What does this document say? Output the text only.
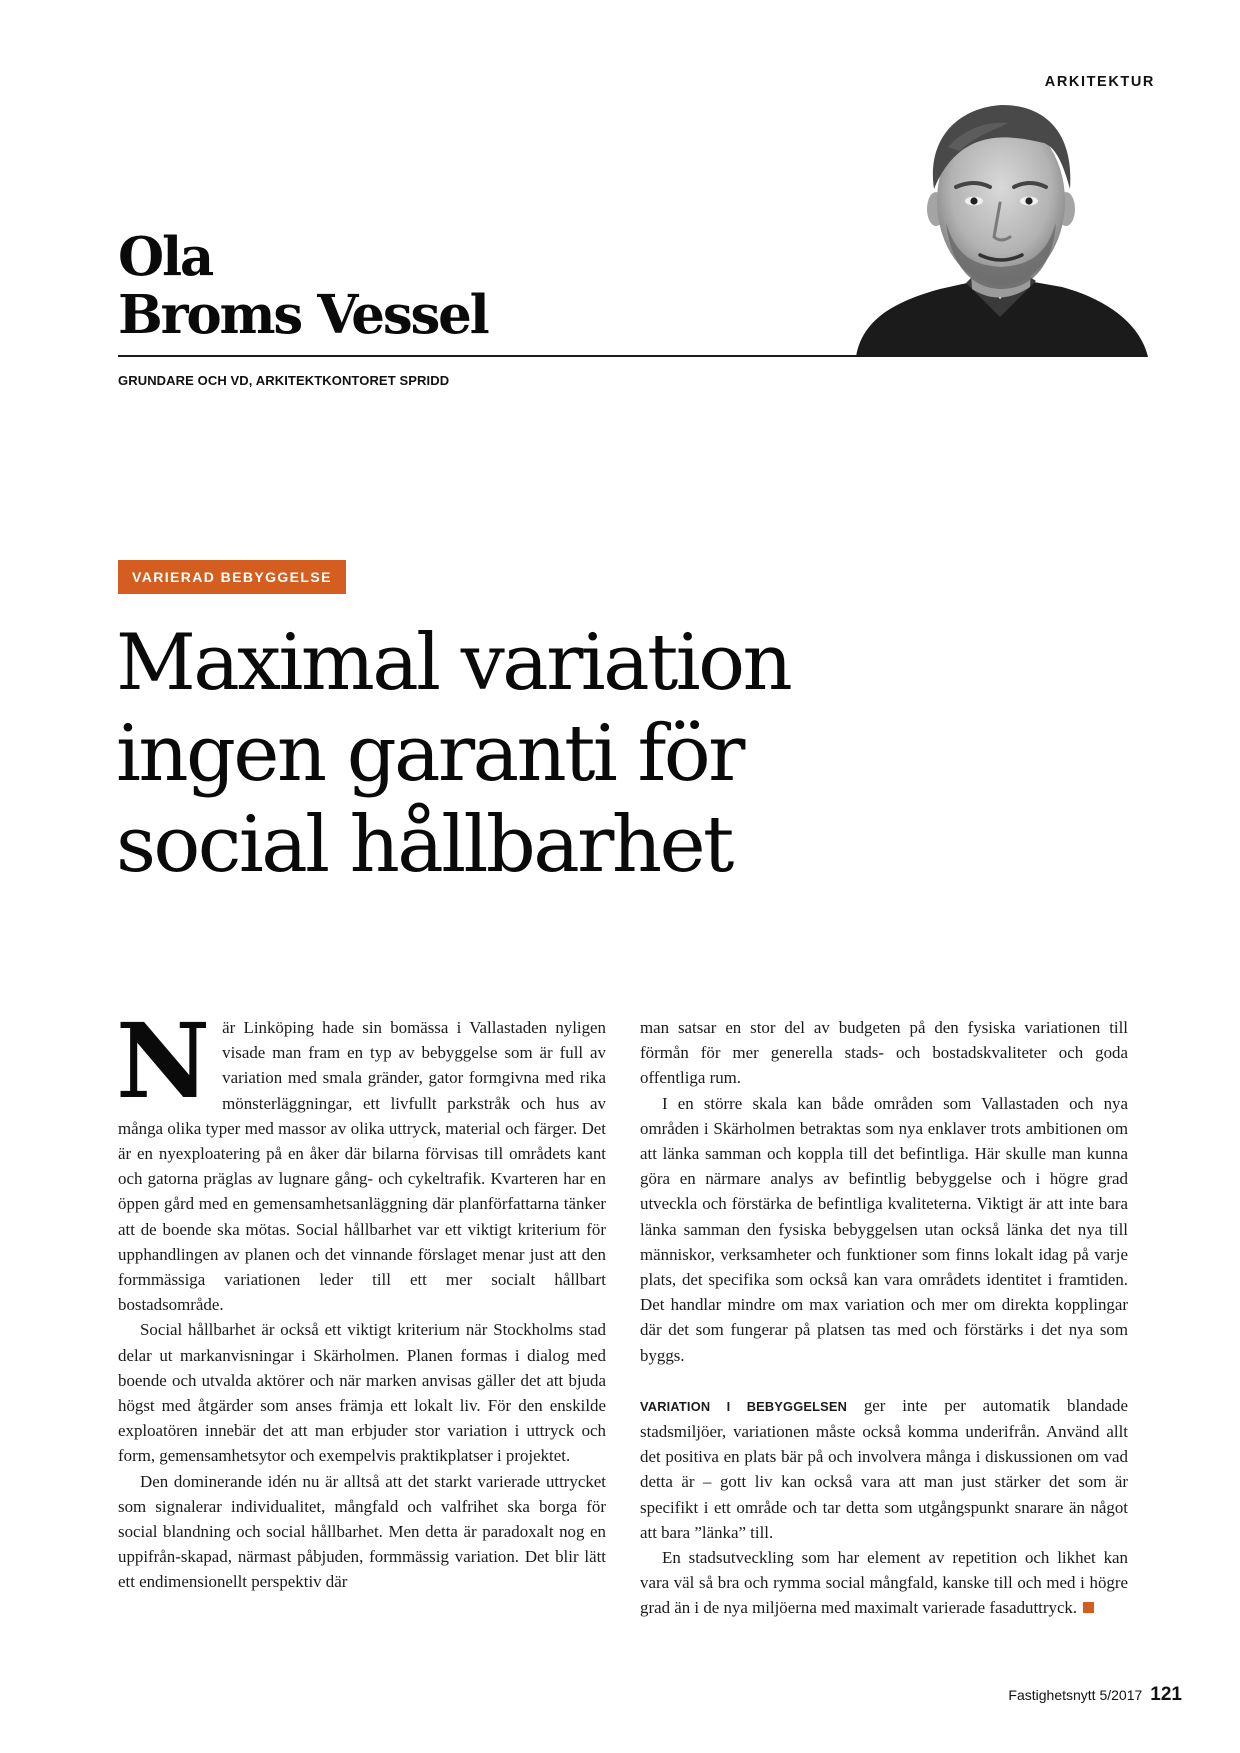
ARKITEKTUR
Ola
Broms Vessel
GRUNDARE OCH VD, ARKITEKTKONTORET SPRIDD
VARIERAD BEBYGGELSE
Maximal variation
ingen garanti för
social hållbarhet

När Linköping hade sin bomässa i Vallastaden nyligen visade man fram en typ av bebyggelse som är full av variation med smala gränder, gator formgivna med rika mönsterläggningar, ett livfullt parkstråk och hus av många olika typer med massor av olika uttryck, material och färger. Det är en nyexploatering på en åker där bilarna förvisas till områdets kant och gatorna präglas av lugnare gång- och cykeltrafik. Kvarteren har en öppen gård med en gemensamhetsanläggning där planförfattarna tänker att de boende ska mötas. Social hållbarhet var ett viktigt kriterium för upphandlingen av planen och det vinnande förslaget menar just att den formmässiga variationen leder till ett mer socialt hållbart bostadsområde.

Social hållbarhet är också ett viktigt kriterium när Stockholms stad delar ut markanvisningar i Skärholmen. Planen formas i dialog med boende och utvalda aktörer och när marken anvisas gäller det att bjuda högst med åtgärder som anses främja ett lokalt liv. För den enskilde exploatören innebär det att man erbjuder stor variation i uttryck och form, gemensamhetsytor och exempelvis praktikplatser i projektet.

Den dominerande idén nu är alltså att det starkt varierade uttrycket som signalerar individualitet, mångfald och valfrihet ska borga för social blandning och social hållbarhet. Men detta är paradoxalt nog en uppifrån-skapad, närmast påbjuden, formmässig variation. Det blir lätt ett endimensionellt perspektiv där

man satsar en stor del av budgeten på den fysiska variationen till förmån för mer generella stads- och bostadskvaliteter och goda offentliga rum.

I en större skala kan både områden som Vallastaden och nya områden i Skärholmen betraktas som nya enklaver trots ambitionen om att länka samman och koppla till det befintliga. Här skulle man kunna göra en närmare analys av befintlig bebyggelse och i högre grad utveckla och förstärka de befintliga kvaliteterna. Viktigt är att inte bara länka samman den fysiska bebyggelsen utan också länka det nya till människor, verksamheter och funktioner som finns lokalt idag på varje plats, det specifika som också kan vara områdets identitet i framtiden. Det handlar mindre om max variation och mer om direkta kopplingar där det som fungerar på platsen tas med och förstärks i det nya som byggs.

VARIATION I BEBYGGELSEN ger inte per automatik blandade stadsmiljöer, variationen måste också komma underifrån. Använd allt det positiva en plats bär på och involvera många i diskussionen om vad detta är – gott liv kan också vara att man just stärker det som är specifikt i ett område och tar detta som utgångspunkt snarare än något att bara ”länka” till.

En stadsutveckling som har element av repetition och likhet kan vara väl så bra och rymma social mångfald, kanske till och med i högre grad än i de nya miljöerna med maximalt varierade fasaduttryck.

Fastighetsnytt 5/2017 121
